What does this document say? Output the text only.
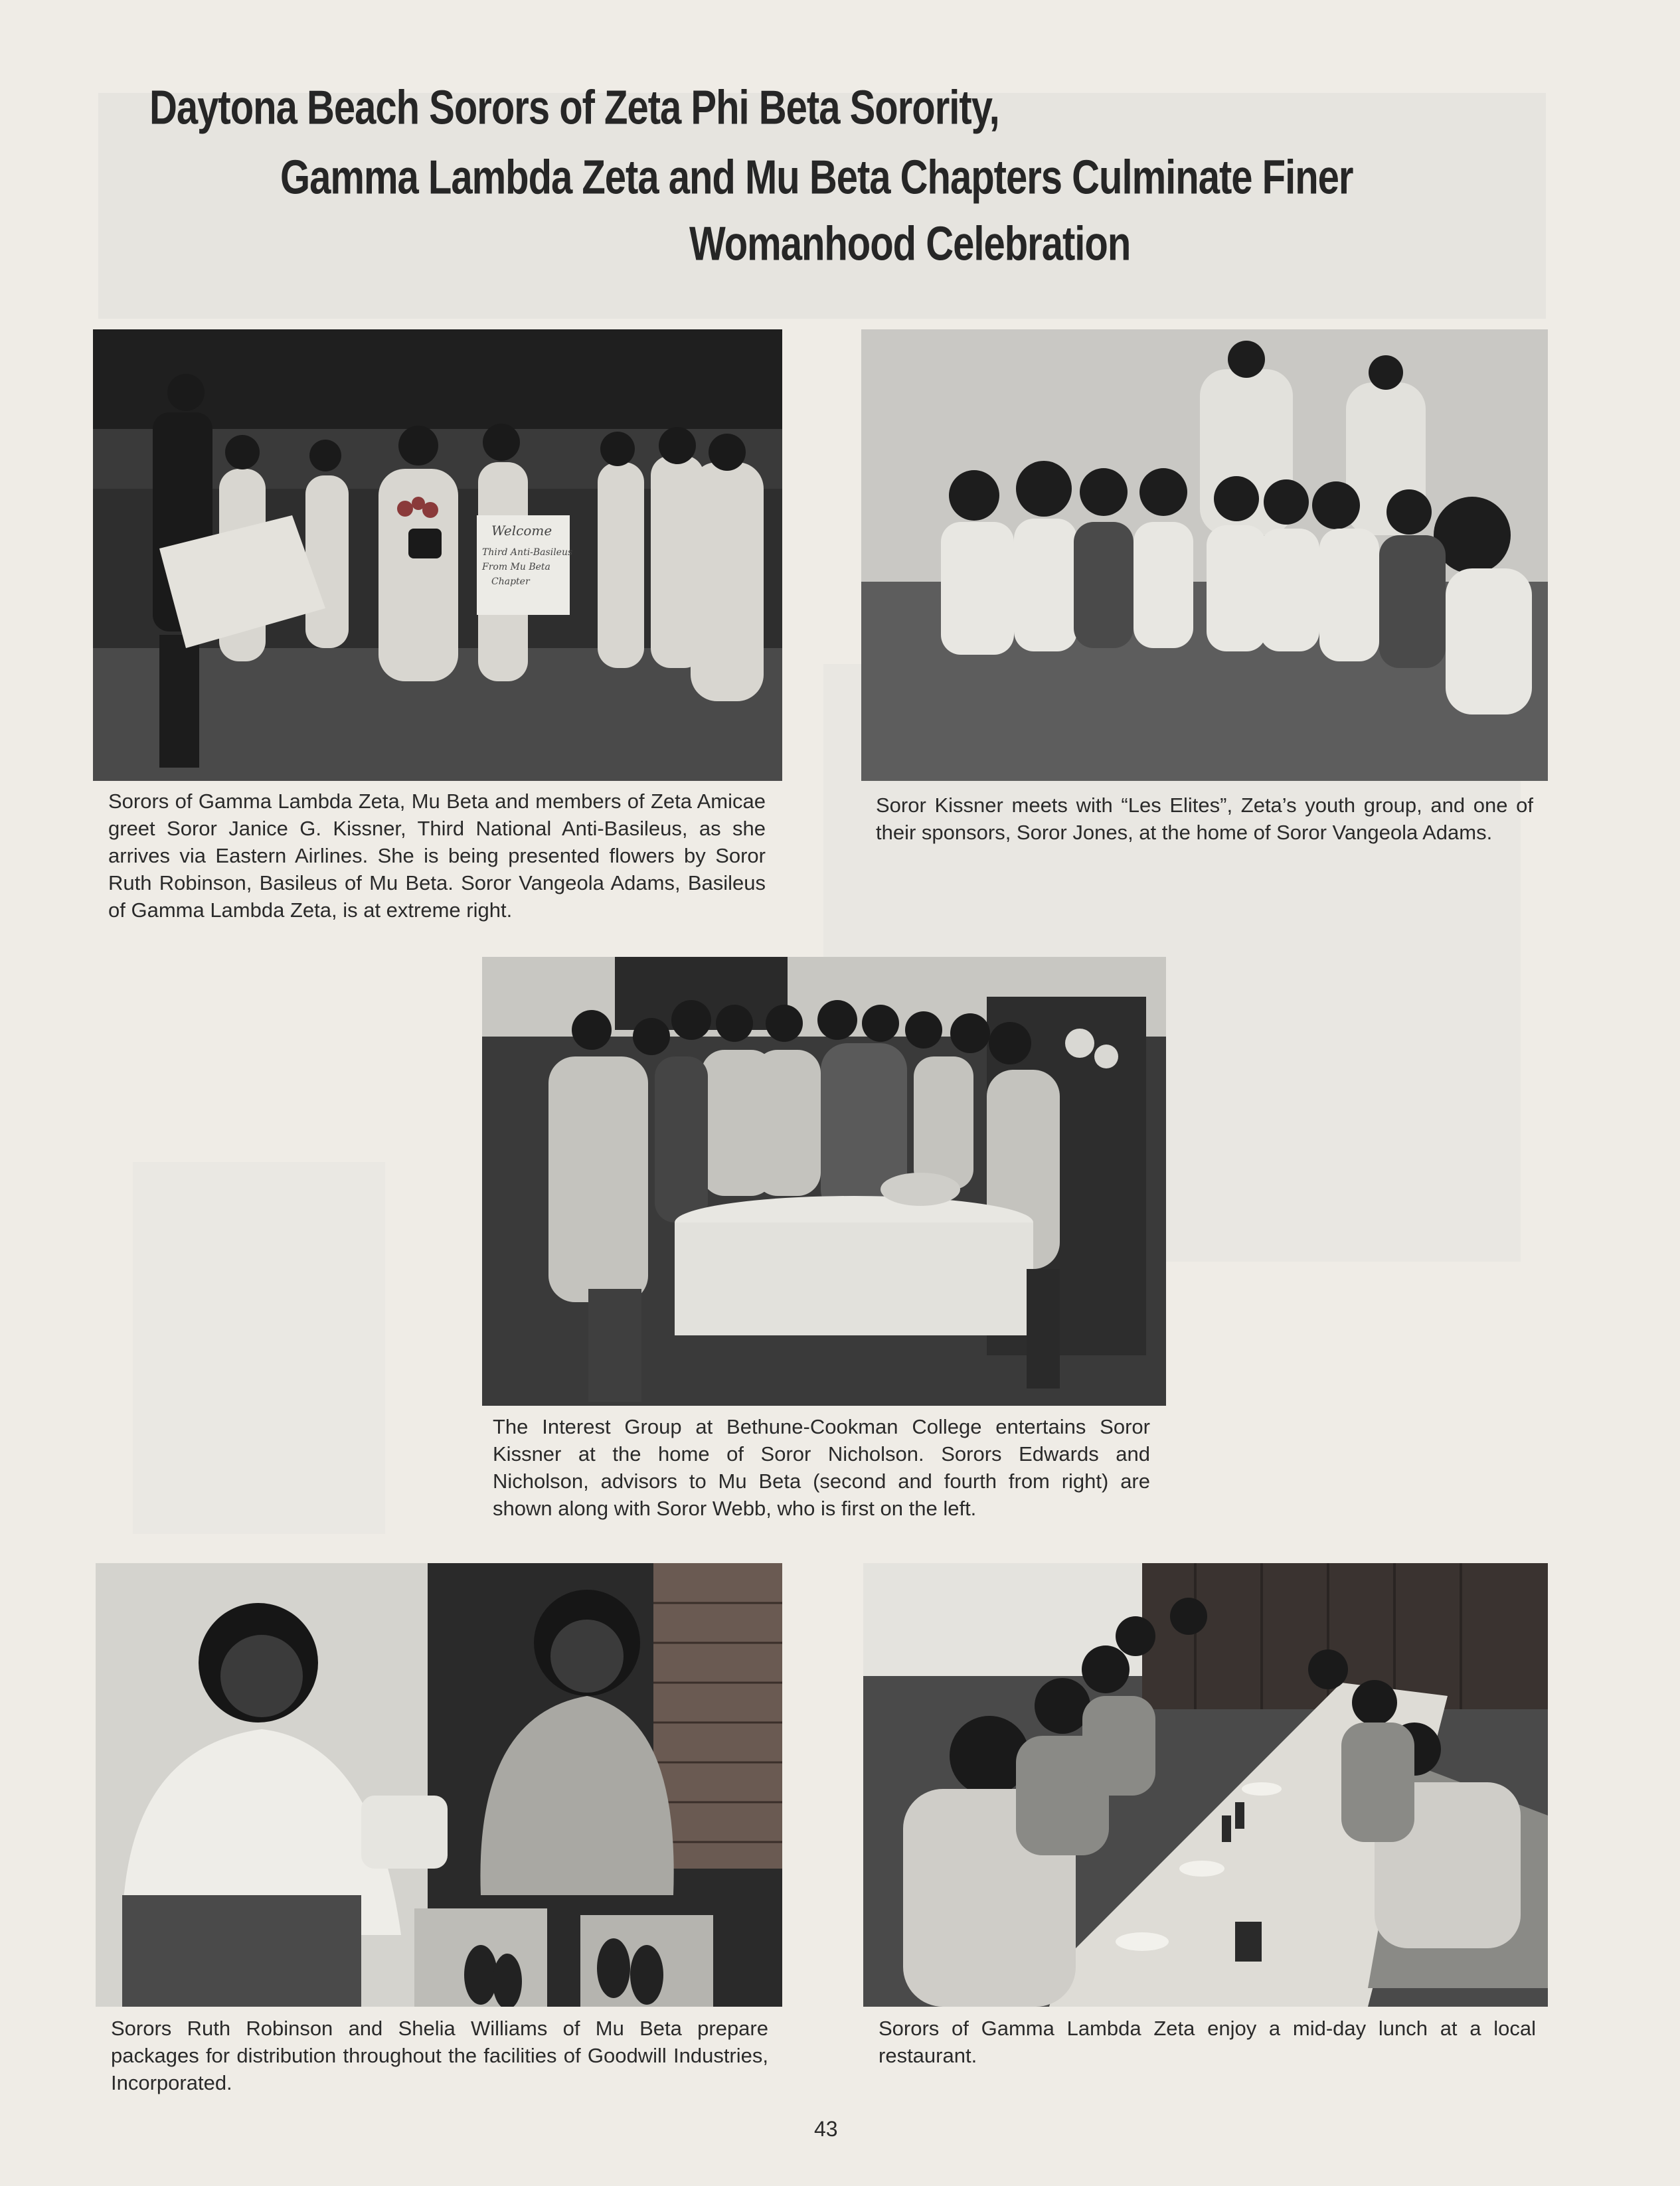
Daytona Beach Sorors of Zeta Phi Beta Sorority,
Gamma Lambda Zeta and Mu Beta Chapters Culminate Finer
Womanhood Celebration
Welcome
Third Anti-Basileus
From Mu Beta
Chapter
Sorors of Gamma Lambda Zeta, Mu Beta and members of Zeta Amicae greet Soror Janice G. Kissner, Third National Anti-Basileus, as she arrives via Eastern Airlines. She is being presented flowers by Soror Ruth Robinson, Basileus of Mu Beta. Soror Vangeola Adams, Basileus of Gamma Lambda Zeta, is at extreme right.
Soror Kissner meets with “Les Elites”, Zeta’s youth group, and one of their sponsors, Soror Jones, at the home of Soror Vangeola Adams.
The Interest Group at Bethune-Cookman College entertains Soror Kissner at the home of Soror Nicholson. Sorors Edwards and Nicholson, advisors to Mu Beta (second and fourth from right) are shown along with Soror Webb, who is first on the left.
Sorors Ruth Robinson and Shelia Williams of Mu Beta prepare packages for distribution throughout the facilities of Goodwill Industries, Incorporated.
Sorors of Gamma Lambda Zeta enjoy a mid-day lunch at a local restaurant.
43
